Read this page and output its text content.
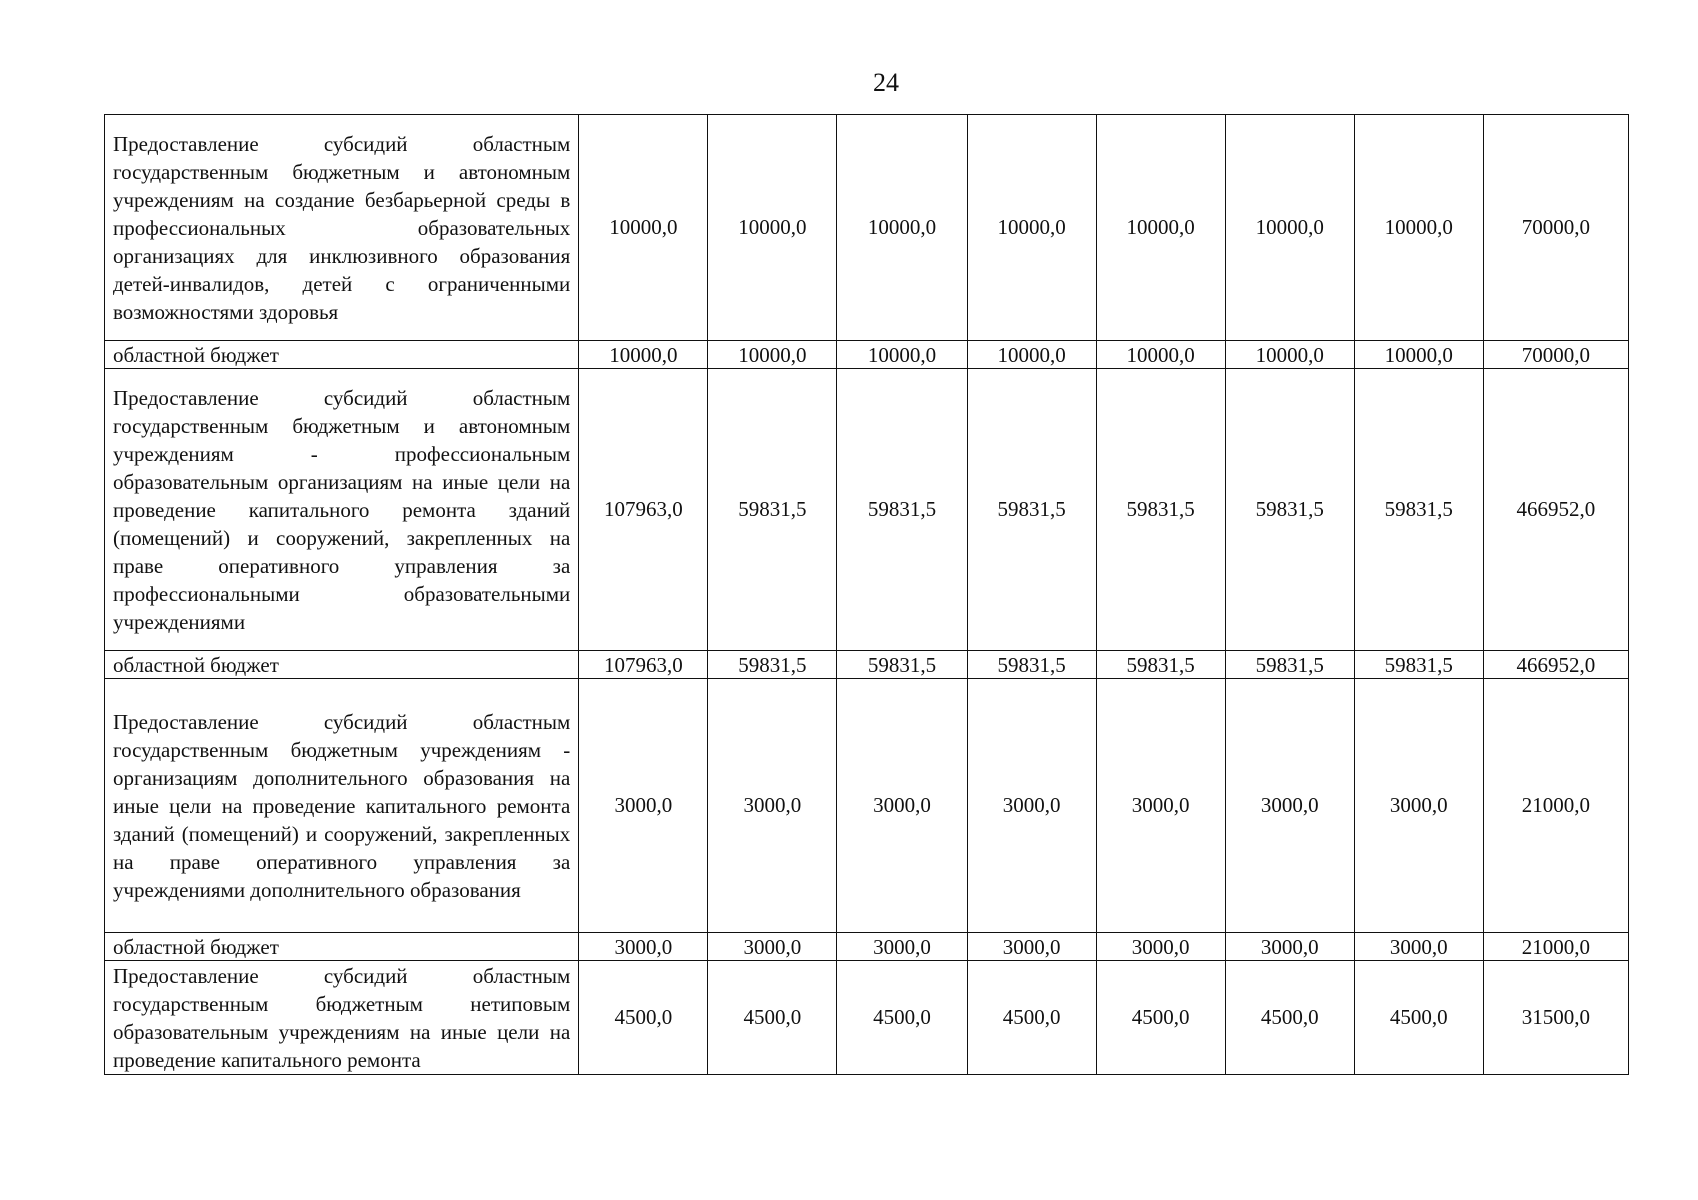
24
Предоставление субсидий областным государственным бюджетным и автономным учреждениям на создание безбарьерной среды в профессиональных образовательных организациях для инклюзивного образования детей-инвалидов, детей с ограниченными возможностями здоровья	10000,0	10000,0	10000,0	10000,0	10000,0	10000,0	10000,0	70000,0
областной бюджет	10000,0	10000,0	10000,0	10000,0	10000,0	10000,0	10000,0	70000,0

Предоставление субсидий областным государственным бюджетным и автономным учреждениям - профессиональным образовательным организациям на иные цели на проведение капитального ремонта зданий (помещений) и сооружений, закрепленных на праве оперативного управления за профессиональными образовательными учреждениями	107963,0	59831,5	59831,5	59831,5	59831,5	59831,5	59831,5	466952,0
областной бюджет	107963,0	59831,5	59831,5	59831,5	59831,5	59831,5	59831,5	466952,0

Предоставление субсидий областным государственным бюджетным учреждениям - организациям дополнительного образования на иные цели на проведение капитального ремонта зданий (помещений) и сооружений, закрепленных на праве оперативного управления за учреждениями дополнительного образования	3000,0	3000,0	3000,0	3000,0	3000,0	3000,0	3000,0	21000,0
областной бюджет	3000,0	3000,0	3000,0	3000,0	3000,0	3000,0	3000,0	21000,0

Предоставление субсидий областным государственным бюджетным нетиповым образовательным учреждениям на иные цели на проведение капитального ремонта	4500,0	4500,0	4500,0	4500,0	4500,0	4500,0	4500,0	31500,0
